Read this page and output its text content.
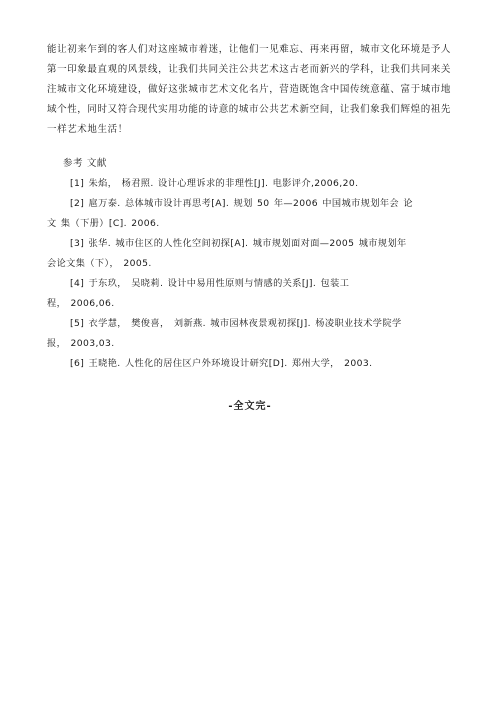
能让初来乍到的客人们对这座城市着迷，让他们一见难忘、再来再留，城市文化环境是予人
第一印象最直观的风景线，让我们共同关注公共艺术这古老而新兴的学科，让我们共同来关
注城市文化环境建设，做好这张城市艺术文化名片，营造既饱含中国传统意蕴、富于城市地
域个性，同时又符合现代实用功能的诗意的城市公共艺术新空间，让我们象我们辉煌的祖先
一样艺术地生活！
参考 文献
[1] 朱焰， 杨君照. 设计心理诉求的非理性[J]. 电影评介,2006,20.
[2] 扈万泰. 总体城市设计再思考[A]. 规划 50 年—2006 中国城市规划年会 论
文 集（下册）[C]. 2006.
[3] 张华. 城市住区的人性化空间初探[A]. 城市规划面对面—2005 城市规划年
会论文集（下）， 2005.
[4] 于东玖， 吴晓莉. 设计中易用性原则与情感的关系[J]. 包装工
程， 2006,06.
[5] 衣学慧， 樊俊喜， 刘新燕. 城市园林夜景观初探[J]. 杨凌职业技术学院学
报， 2003,03.
[6] 王晓艳. 人性化的居住区户外环境设计研究[D]. 郑州大学， 2003.
-全文完-
